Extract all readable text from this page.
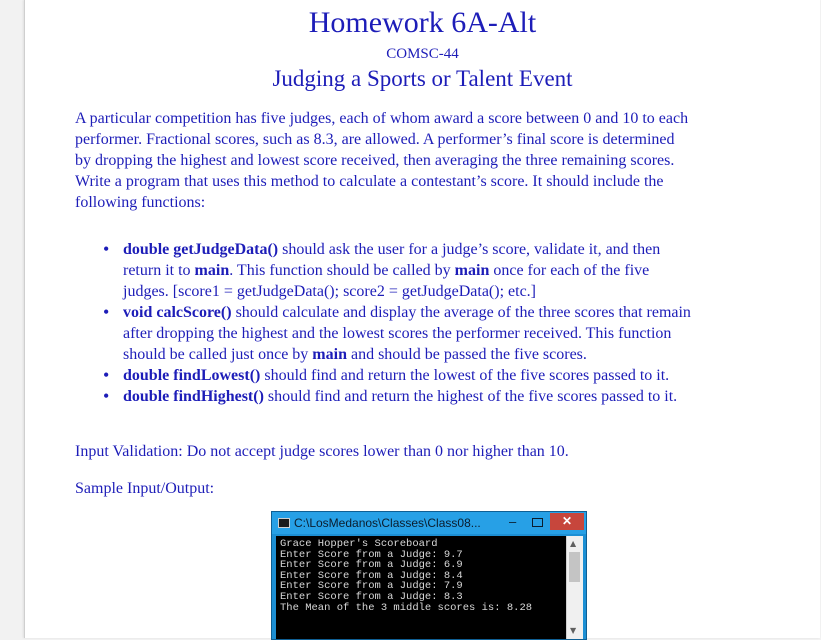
Homework 6A-Alt
COMSC-44
Judging a Sports or Talent Event

A particular competition has five judges, each of whom award a score between 0 and 10 to each
performer. Fractional scores, such as 8.3, are allowed. A performer’s final score is determined
by dropping the highest and lowest score received, then averaging the three remaining scores.
Write a program that uses this method to calculate a contestant’s score. It should include the
following functions:

• double getJudgeData() should ask the user for a judge’s score, validate it, and then
return it to main. This function should be called by main once for each of the five
judges. [score1 = getJudgeData(); score2 = getJudgeData(); etc.]
• void calcScore() should calculate and display the average of the three scores that remain
after dropping the highest and the lowest scores the performer received. This function
should be called just once by main and should be passed the five scores.
• double findLowest() should find and return the lowest of the five scores passed to it.
• double findHighest() should find and return the highest of the five scores passed to it.

Input Validation: Do not accept judge scores lower than 0 nor higher than 10.

Sample Input/Output:

C:\LosMedanos\Classes\Class08... –	✕
Grace Hopper's Scoreboard
Enter Score from a Judge: 9.7
Enter Score from a Judge: 6.9
Enter Score from a Judge: 8.4
Enter Score from a Judge: 7.9
Enter Score from a Judge: 8.3
The Mean of the 3 middle scores is: 8.28
▲
▼
